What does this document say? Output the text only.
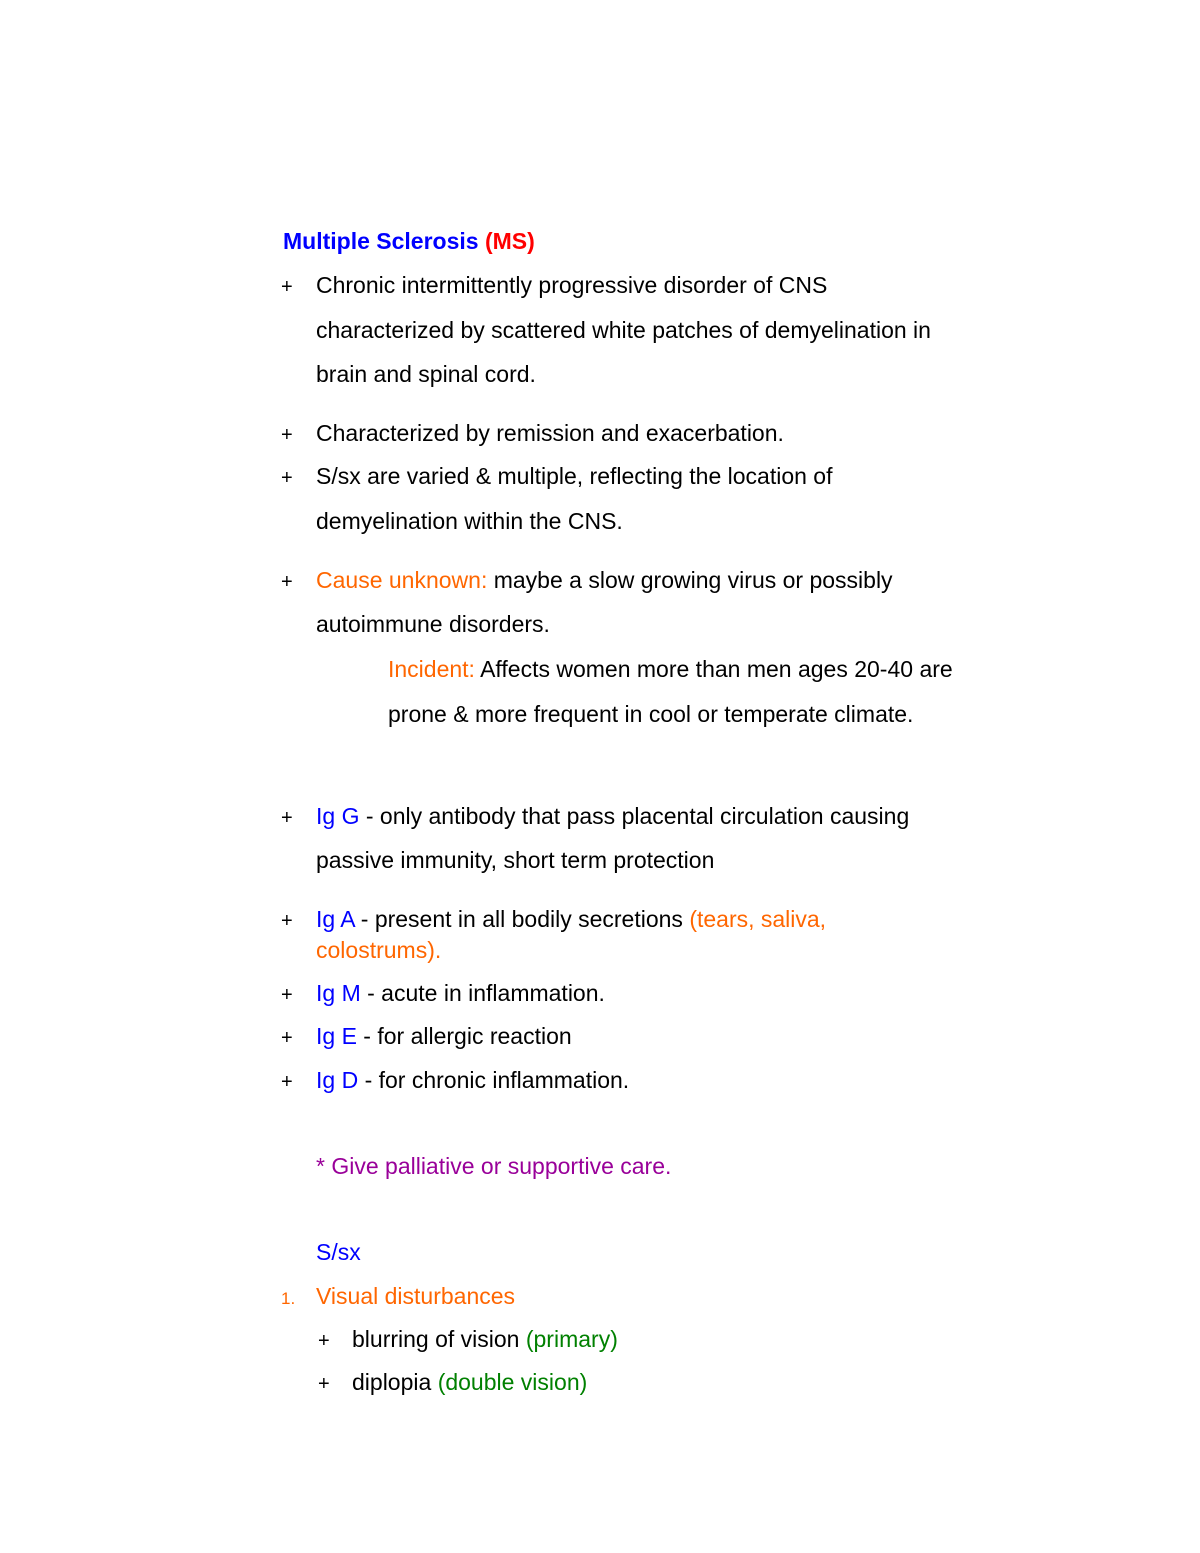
Multiple Sclerosis (MS)
+ Chronic intermittently progressive disorder of CNS
characterized by scattered white patches of demyelination in
brain and spinal cord.
+ Characterized by remission and exacerbation.
+ S/sx are varied & multiple, reflecting the location of
demyelination within the CNS.
+ Cause unknown: maybe a slow growing virus or possibly
autoimmune disorders.
Incident: Affects women more than men ages 20-40 are
prone & more frequent in cool or temperate climate.
+ Ig G - only antibody that pass placental circulation causing
passive immunity, short term protection
+ Ig A - present in all bodily secretions (tears, saliva,
colostrums).
+ Ig M - acute in inflammation.
+ Ig E - for allergic reaction
+ Ig D - for chronic inflammation.
* Give palliative or supportive care.
S/sx
1. Visual disturbances
+ blurring of vision (primary)
+ diplopia (double vision)
